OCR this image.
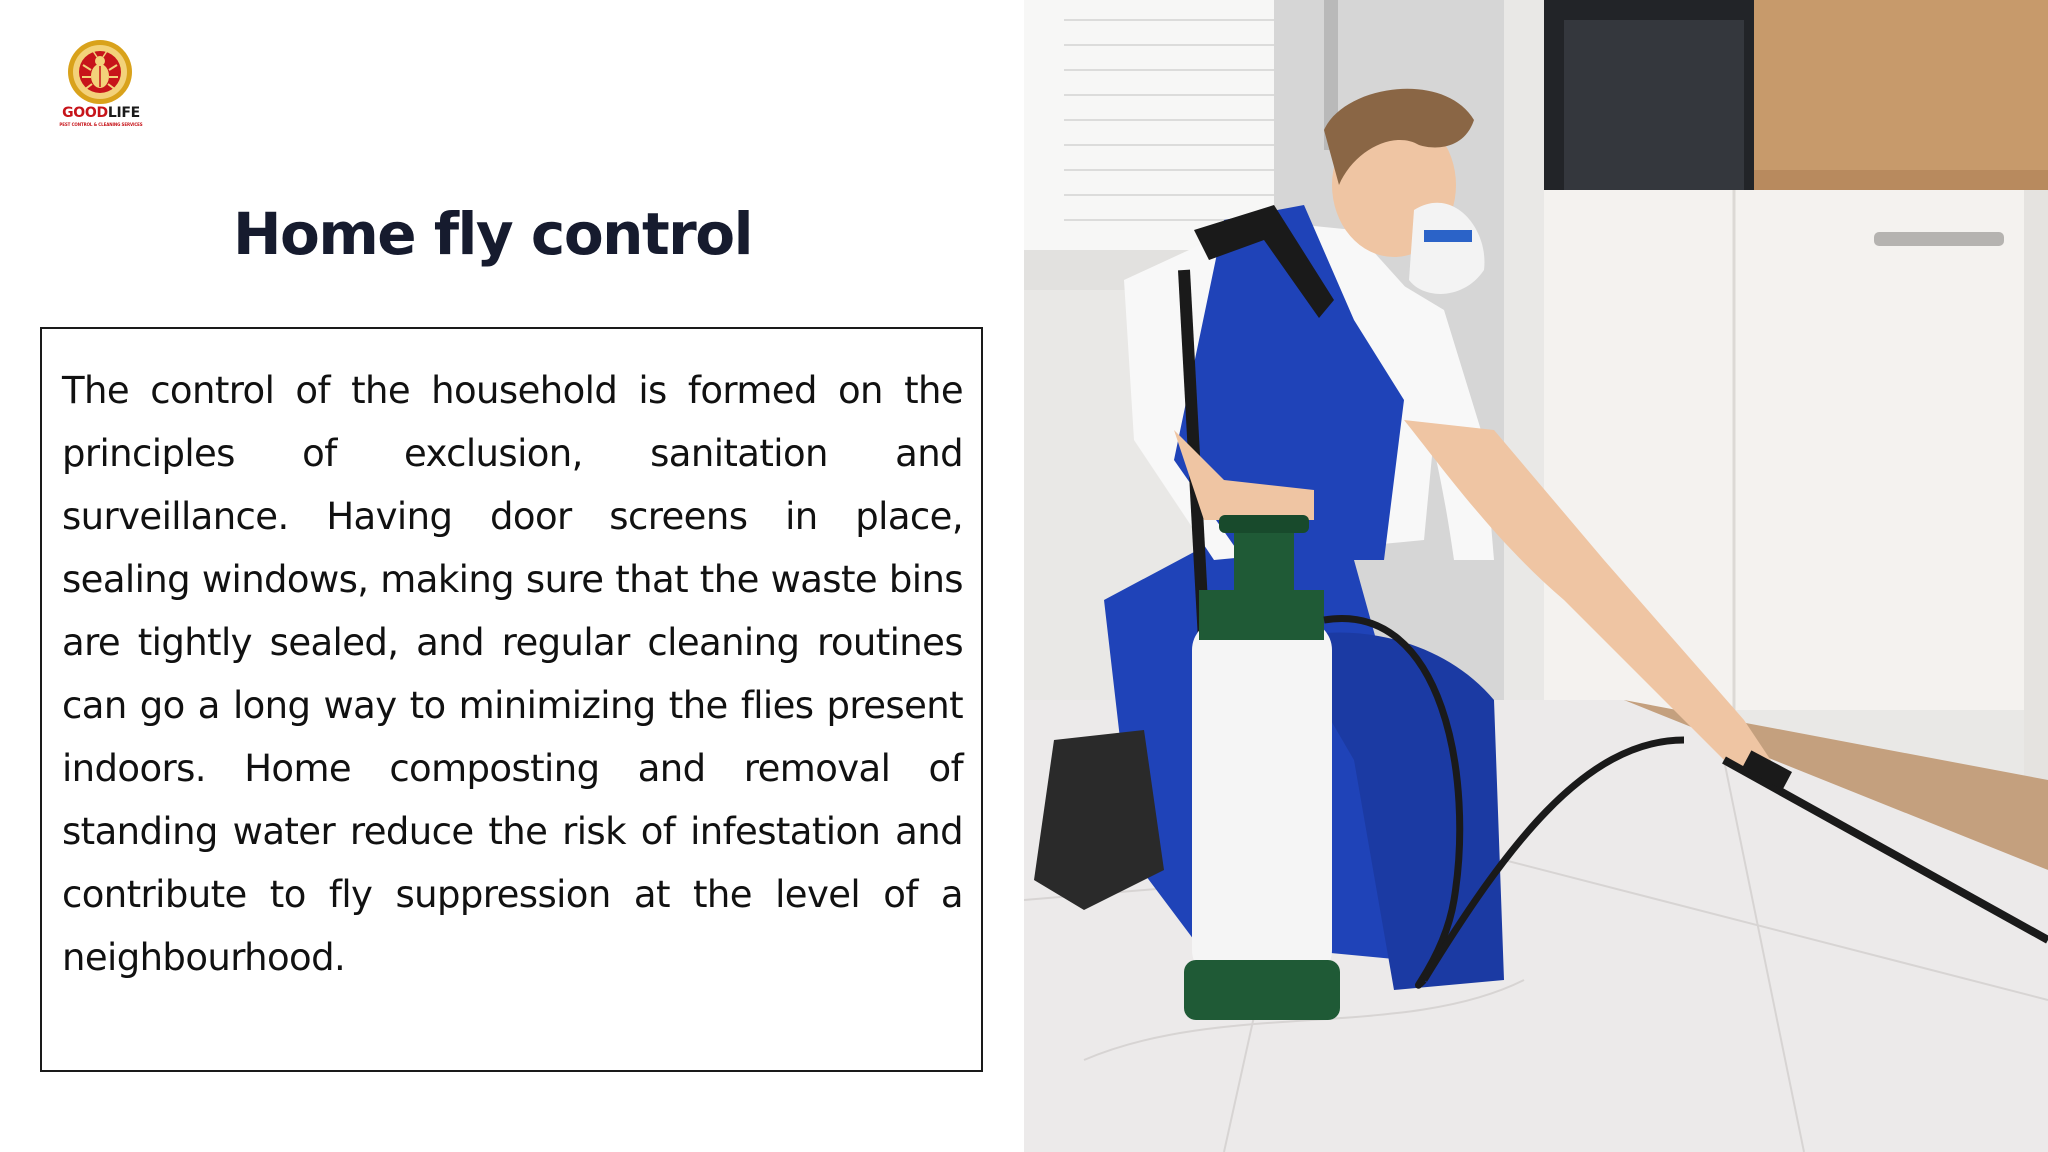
GOODLIFE
PEST CONTROL & CLEANING SERVICES
Home fly control

The control of the household is formed on the principles of exclusion, sanitation and surveillance. Having door screens in place, sealing windows, making sure that the waste bins are tightly sealed, and regular cleaning routines can go a long way to minimizing the flies present indoors. Home composting and removal of standing water reduce the risk of infestation and contribute to fly suppression at the level of a neighbourhood.
